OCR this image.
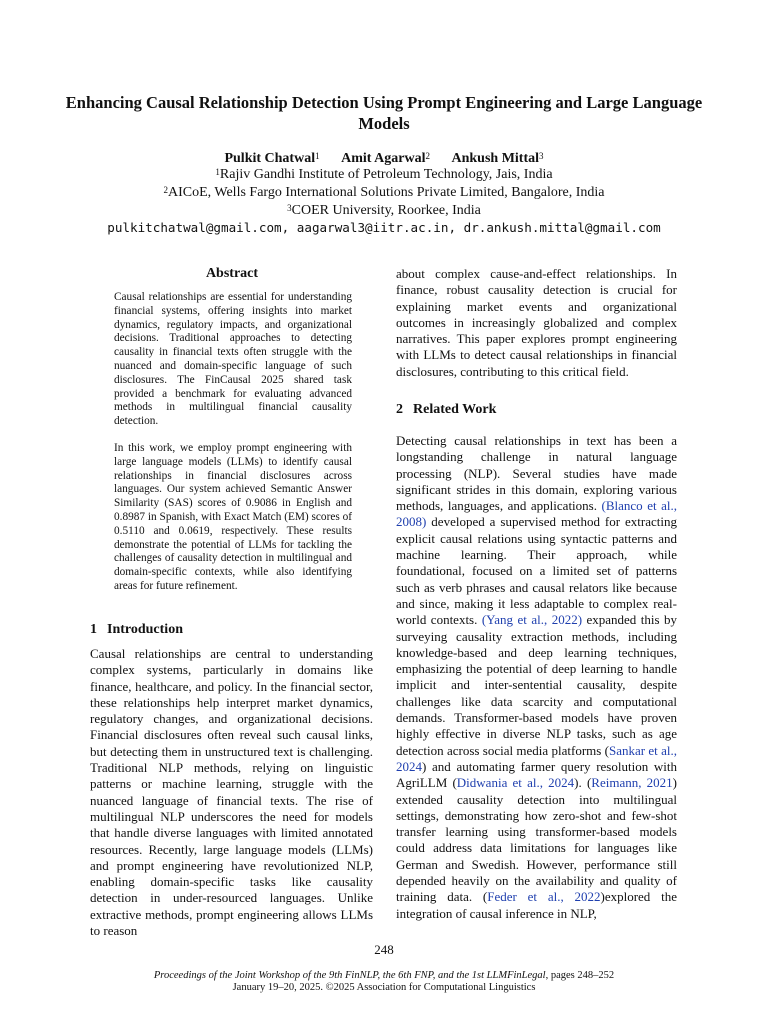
Enhancing Causal Relationship Detection Using Prompt Engineering and Large Language Models
Pulkit Chatwal$^1$ Amit Agarwal$^2$ Ankush Mittal$^3$
$^1$Rajiv Gandhi Institute of Petroleum Technology, Jais, India
$^2$AICoE, Wells Fargo International Solutions Private Limited, Bangalore, India
$^3$COER University, Roorkee, India
pulkitchatwal@gmail.com, aagarwal3@iitr.ac.in, dr.ankush.mittal@gmail.com
Abstract
Causal relationships are essential for understanding financial systems, offering insights into market dynamics, regulatory impacts, and organizational decisions. Traditional approaches to detecting causality in financial texts often struggle with the nuanced and domain-specific language of such disclosures. The FinCausal 2025 shared task provided a benchmark for evaluating advanced methods in multilingual financial causality detection.
In this work, we employ prompt engineering with large language models (LLMs) to identify causal relationships in financial disclosures across languages. Our system achieved Semantic Answer Similarity (SAS) scores of 0.9086 in English and 0.8987 in Spanish, with Exact Match (EM) scores of 0.5110 and 0.0619, respectively. These results demonstrate the potential of LLMs for tackling the challenges of causality detection in multilingual and domain-specific contexts, while also identifying areas for future refinement.
1 Introduction
Causal relationships are central to understanding complex systems, particularly in domains like finance, healthcare, and policy. In the financial sector, these relationships help interpret market dynamics, regulatory changes, and organizational decisions. Financial disclosures often reveal such causal links, but detecting them in unstructured text is challenging. Traditional NLP methods, relying on linguistic patterns or machine learning, struggle with the nuanced language of financial texts. The rise of multilingual NLP underscores the need for models that handle diverse languages with limited annotated resources. Recently, large language models (LLMs) and prompt engineering have revolutionized NLP, enabling domain-specific tasks like causality detection in under-resourced languages. Unlike extractive methods, prompt engineering allows LLMs to reason
about complex cause-and-effect relationships. In finance, robust causality detection is crucial for explaining market events and organizational outcomes in increasingly globalized and complex narratives. This paper explores prompt engineering with LLMs to detect causal relationships in financial disclosures, contributing to this critical field.
2 Related Work
Detecting causal relationships in text has been a longstanding challenge in natural language processing (NLP). Several studies have made significant strides in this domain, exploring various methods, languages, and applications. (Blanco et al., 2008) developed a supervised method for extracting explicit causal relations using syntactic patterns and machine learning. Their approach, while foundational, focused on a limited set of patterns such as verb phrases and causal relators like because and since, making it less adaptable to complex real-world contexts. (Yang et al., 2022) expanded this by surveying causality extraction methods, including knowledge-based and deep learning techniques, emphasizing the potential of deep learning to handle implicit and inter-sentential causality, despite challenges like data scarcity and computational demands. Transformer-based models have proven highly effective in diverse NLP tasks, such as age detection across social media platforms (Sankar et al., 2024) and automating farmer query resolution with AgriLLM (Didwania et al., 2024). (Reimann, 2021) extended causality detection into multilingual settings, demonstrating how zero-shot and few-shot transfer learning using transformer-based models could address data limitations for languages like German and Swedish. However, performance still depended heavily on the availability and quality of training data. (Feder et al., 2022)explored the integration of causal inference in NLP,
248
Proceedings of the Joint Workshop of the 9th FinNLP, the 6th FNP, and the 1st LLMFinLegal, pages 248–252
January 19–20, 2025. ©2025 Association for Computational Linguistics
